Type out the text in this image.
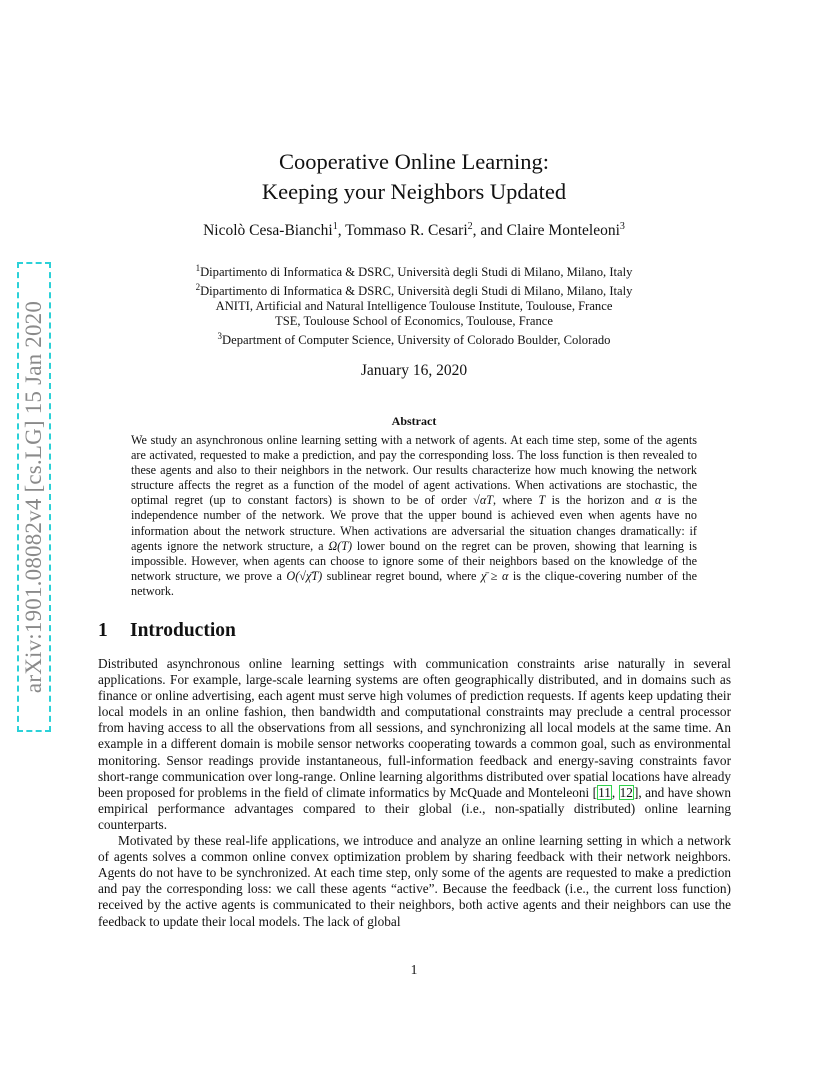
arXiv:1901.08082v4 [cs.LG] 15 Jan 2020
Cooperative Online Learning:
Keeping your Neighbors Updated
Nicolò Cesa-Bianchi$^1$, Tommaso R. Cesari$^2$, and Claire Monteleoni$^3$
$^1$Dipartimento di Informatica & DSRC, Università degli Studi di Milano, Milano, Italy
$^2$Dipartimento di Informatica & DSRC, Università degli Studi di Milano, Milano, Italy
ANITI, Artificial and Natural Intelligence Toulouse Institute, Toulouse, France
TSE, Toulouse School of Economics, Toulouse, France
$^3$Department of Computer Science, University of Colorado Boulder, Colorado
January 16, 2020
Abstract
We study an asynchronous online learning setting with a network of agents. At each time step, some of the agents are activated, requested to make a prediction, and pay the corresponding loss. The loss function is then revealed to these agents and also to their neighbors in the network. Our results characterize how much knowing the network structure affects the regret as a function of the model of agent activations. When activations are stochastic, the optimal regret (up to constant factors) is shown to be of order √αT, where T is the horizon and α is the independence number of the network. We prove that the upper bound is achieved even when agents have no information about the network structure. When activations are adversarial the situation changes dramatically: if agents ignore the network structure, a Ω(T) lower bound on the regret can be proven, showing that learning is impossible. However, when agents can choose to ignore some of their neighbors based on the knowledge of the network structure, we prove a O(√χ̄T) sublinear regret bound, where χ̄ ≥ α is the clique-covering number of the network.
1 Introduction

Distributed asynchronous online learning settings with communication constraints arise naturally in several applications. For example, large-scale learning systems are often geographically distributed, and in domains such as finance or online advertising, each agent must serve high volumes of prediction requests. If agents keep updating their local models in an online fashion, then bandwidth and computational constraints may preclude a central processor from having access to all the observations from all sessions, and synchronizing all local models at the same time. An example in a different domain is mobile sensor networks cooperating towards a common goal, such as environmental monitoring. Sensor readings provide instantaneous, full-information feedback and energy-saving constraints favor short-range communication over long-range. Online learning algorithms distributed over spatial locations have already been proposed for problems in the field of climate informatics by McQuade and Monteleoni [11, 12], and have shown empirical performance advantages compared to their global (i.e., non-spatially distributed) online learning counterparts.

Motivated by these real-life applications, we introduce and analyze an online learning setting in which a network of agents solves a common online convex optimization problem by sharing feedback with their network neighbors. Agents do not have to be synchronized. At each time step, only some of the agents are requested to make a prediction and pay the corresponding loss: we call these agents “active”. Because the feedback (i.e., the current loss function) received by the active agents is communicated to their neighbors, both active agents and their neighbors can use the feedback to update their local models. The lack of global

1
